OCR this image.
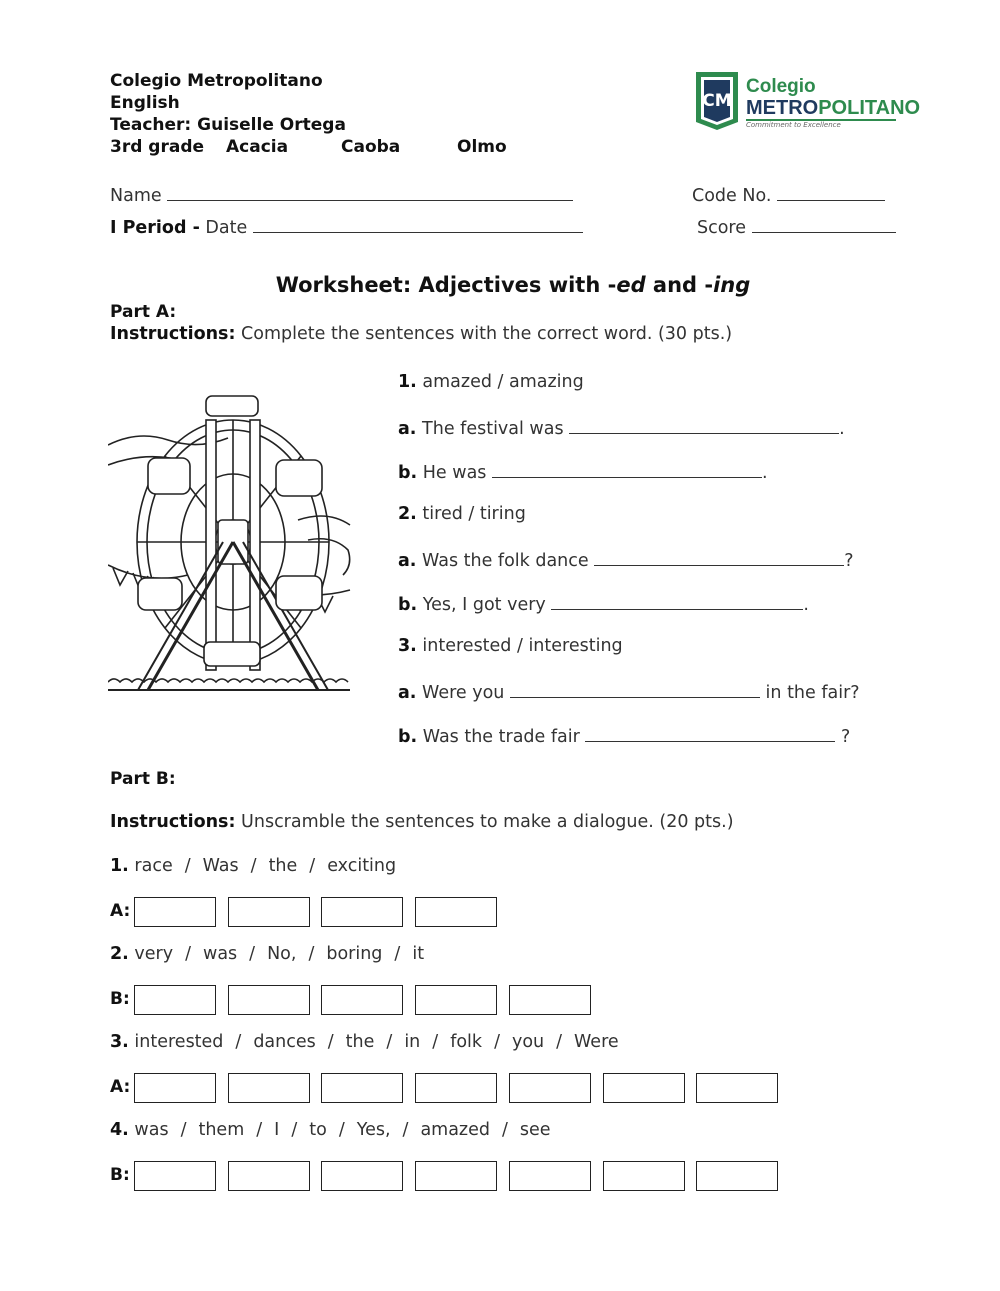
Colegio Metropolitano
English
Teacher: Guiselle Ortega
3rd grade Acacia	Caoba	Olmo
CM
Colegio
METROPOLITANO
Commitment to Excellence
Name	Code No.
I Period - Date	Score
Worksheet: Adjectives with -ed and -ing
Part A:
Instructions: Complete the sentences with the correct word. (30 pts.)
1. amazed / amazing
a. The festival was	.
b. He was	.
2. tired / tiring
a. Was the folk dance	?
b. Yes, I got very	.
3. interested / interesting
a. Were you	in the fair?
b. Was the trade fair	?
Part B:
Instructions: Unscramble the sentences to make a dialogue. (20 pts.)
1. race / Was / the / exciting
A:
2. very / was / No, / boring / it
B:
3. interested / dances / the / in / folk / you / Were
A:
4. was / them / I / to / Yes, / amazed / see
B:
